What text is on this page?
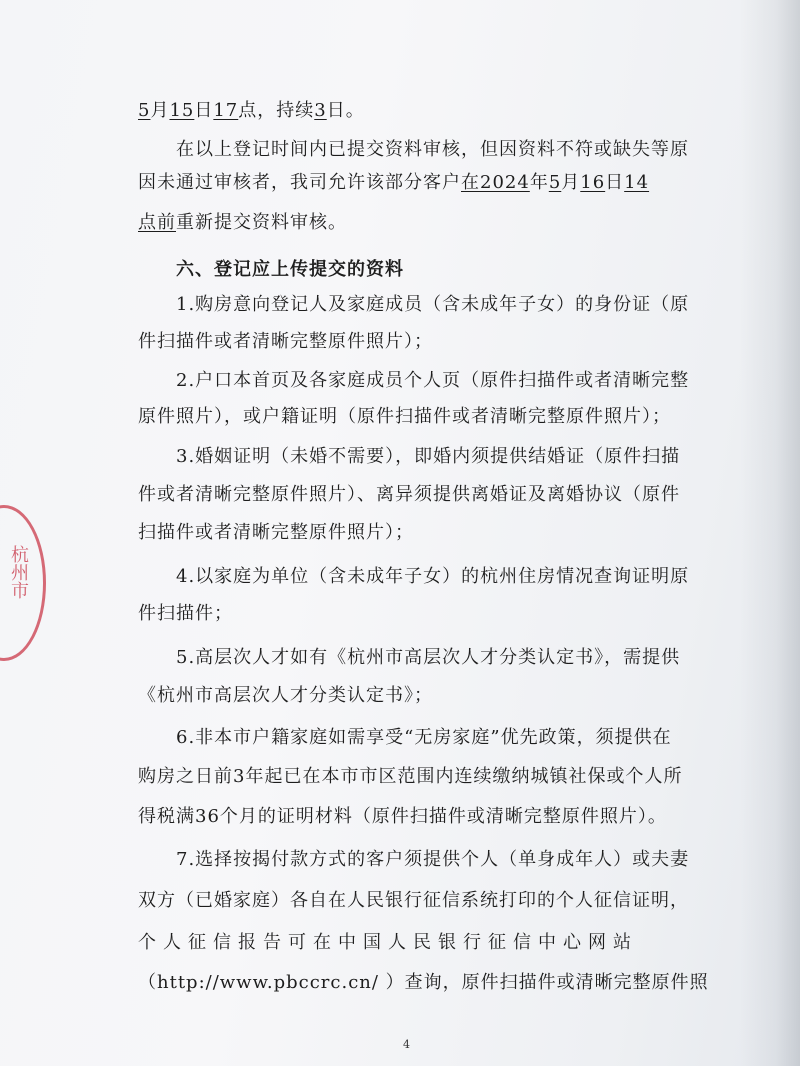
杭州市

5月15日17点，持续3日。

在以上登记时间内已提交资料审核，但因资料不符或缺失等原

因未通过审核者，我司允许该部分客户在2024年5月16日14

点前重新提交资料审核。

六、登记应上传提交的资料

1.购房意向登记人及家庭成员（含未成年子女）的身份证（原

件扫描件或者清晰完整原件照片）；

2.户口本首页及各家庭成员个人页（原件扫描件或者清晰完整

原件照片），或户籍证明（原件扫描件或者清晰完整原件照片）；

3.婚姻证明（未婚不需要），即婚内须提供结婚证（原件扫描

件或者清晰完整原件照片）、离异须提供离婚证及离婚协议（原件

扫描件或者清晰完整原件照片）；

4.以家庭为单位（含未成年子女）的杭州住房情况查询证明原

件扫描件；

5.高层次人才如有《杭州市高层次人才分类认定书》，需提供

《杭州市高层次人才分类认定书》；

6.非本市户籍家庭如需享受“无房家庭”优先政策，须提供在

购房之日前3年起已在本市市区范围内连续缴纳城镇社保或个人所

得税满36个月的证明材料（原件扫描件或清晰完整原件照片）。

7.选择按揭付款方式的客户须提供个人（单身成年人）或夫妻

双方（已婚家庭）各自在人民银行征信系统打印的个人征信证明，

个人征信报告可在中国人民银行征信中心网站

（http://www.pbccrc.cn/ ）查询，原件扫描件或清晰完整原件照

4
